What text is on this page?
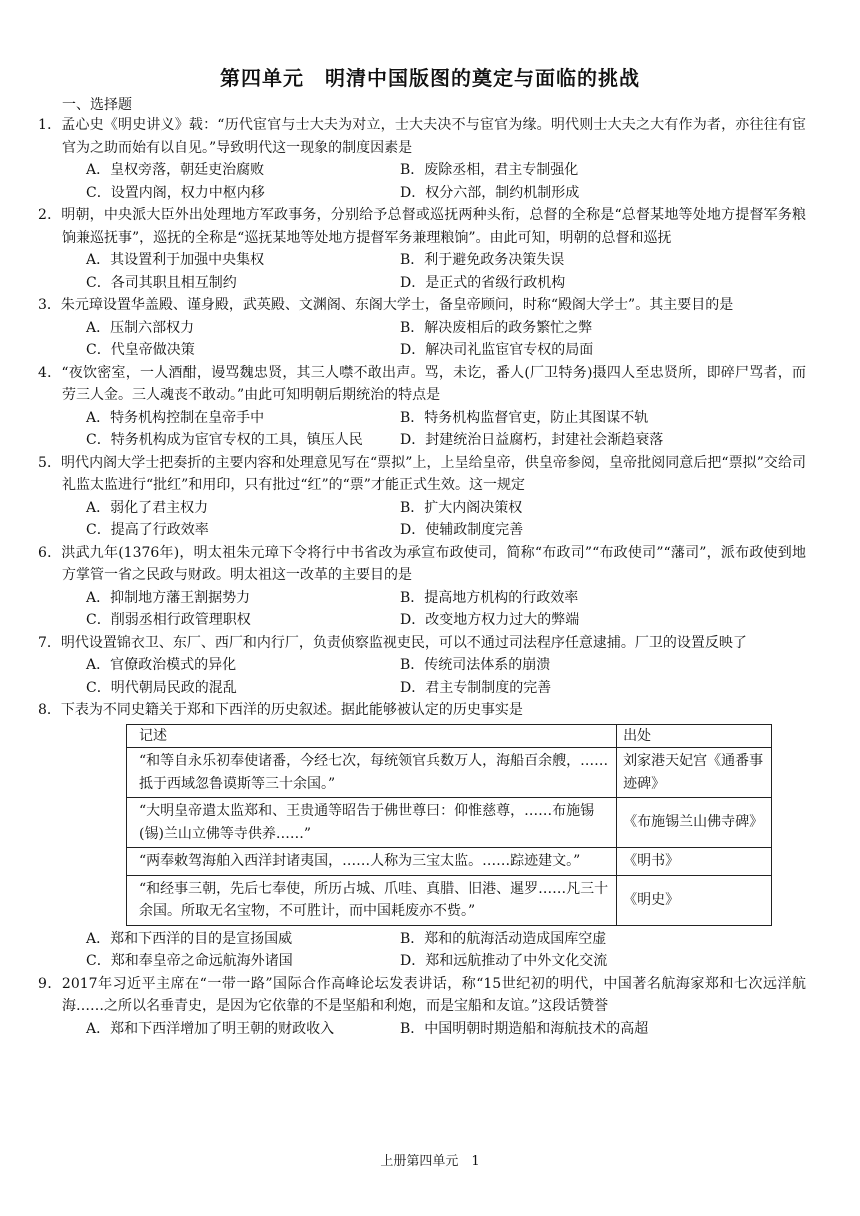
第四单元　明清中国版图的奠定与面临的挑战
一、选择题
1．孟心史《明史讲义》载：“历代宦官与士大夫为对立，士大夫决不与宦官为缘。明代则士大夫之大有作为者，亦往往有宦官为之助而始有以自见。”导致明代这一现象的制度因素是
A．皇权旁落，朝廷吏治腐败	B．废除丞相，君主专制强化
C．设置内阁，权力中枢内移	D．权分六部，制约机制形成
2．明朝，中央派大臣外出处理地方军政事务，分别给予总督或巡抚两种头衔，总督的全称是“总督某地等处地方提督军务粮饷兼巡抚事”，巡抚的全称是“巡抚某地等处地方提督军务兼理粮饷”。由此可知，明朝的总督和巡抚
A．其设置利于加强中央集权	B．利于避免政务决策失误
C．各司其职且相互制约	D．是正式的省级行政机构
3．朱元璋设置华盖殿、谨身殿，武英殿、文渊阁、东阁大学士，备皇帝顾问，时称“殿阁大学士”。其主要目的是
A．压制六部权力	B．解决废相后的政务繁忙之弊
C．代皇帝做决策	D．解决司礼监宦官专权的局面
4．“夜饮密室，一人酒酣，谩骂魏忠贤，其三人噤不敢出声。骂，未讫，番人(厂卫特务)摄四人至忠贤所，即碎尸骂者，而劳三人金。三人魂丧不敢动。”由此可知明朝后期统治的特点是
A．特务机构控制在皇帝手中	B．特务机构监督官吏，防止其图谋不轨
C．特务机构成为宦官专权的工具，镇压人民	D．封建统治日益腐朽，封建社会渐趋衰落
5．明代内阁大学士把奏折的主要内容和处理意见写在“票拟”上，上呈给皇帝，供皇帝参阅，皇帝批阅同意后把“票拟”交给司礼监太监进行“批红”和用印，只有批过“红”的“票”才能正式生效。这一规定
A．弱化了君主权力	B．扩大内阁决策权
C．提高了行政效率	D．使辅政制度完善
6．洪武九年(1376年)，明太祖朱元璋下令将行中书省改为承宣布政使司，简称“布政司”“布政使司”“藩司”，派布政使到地方掌管一省之民政与财政。明太祖这一改革的主要目的是
A．抑制地方藩王割据势力	B．提高地方机构的行政效率
C．削弱丞相行政管理职权	D．改变地方权力过大的弊端
7．明代设置锦衣卫、东厂、西厂和内行厂，负责侦察监视吏民，可以不通过司法程序任意逮捕。厂卫的设置反映了
A．官僚政治模式的异化	B．传统司法体系的崩溃
C．明代朝局民政的混乱	D．君主专制制度的完善
8．下表为不同史籍关于郑和下西洋的历史叙述。据此能够被认定的历史事实是
记述	出处
“和等自永乐初奉使诸番，今经七次，每统领官兵数万人，海船百余艘，……抵于西域忽鲁谟斯等三十余国。”	刘家港天妃宫《通番事迹碑》
“大明皇帝遣太监郑和、王贵通等昭告于佛世尊曰：仰惟慈尊，……布施锡(锡)兰山立佛等寺供养……”	《布施锡兰山佛寺碑》
“两奉敕驾海舶入西洋封诸夷国，……人称为三宝太监。……踪迹建文。”	《明书》
“和经事三朝，先后七奉使，所历占城、爪哇、真腊、旧港、暹罗……凡三十余国。所取无名宝物，不可胜计，而中国耗废亦不赀。”	《明史》
A．郑和下西洋的目的是宣扬国威	B．郑和的航海活动造成国库空虚
C．郑和奉皇帝之命远航海外诸国	D．郑和远航推动了中外文化交流
9．2017年习近平主席在“一带一路”国际合作高峰论坛发表讲话，称“15世纪初的明代，中国著名航海家郑和七次远洋航海……之所以名垂青史，是因为它依靠的不是坚船和利炮，而是宝船和友谊。”这段话赞誉
A．郑和下西洋增加了明王朝的财政收入	B．中国明朝时期造船和海航技术的高超
上册第四单元　1
